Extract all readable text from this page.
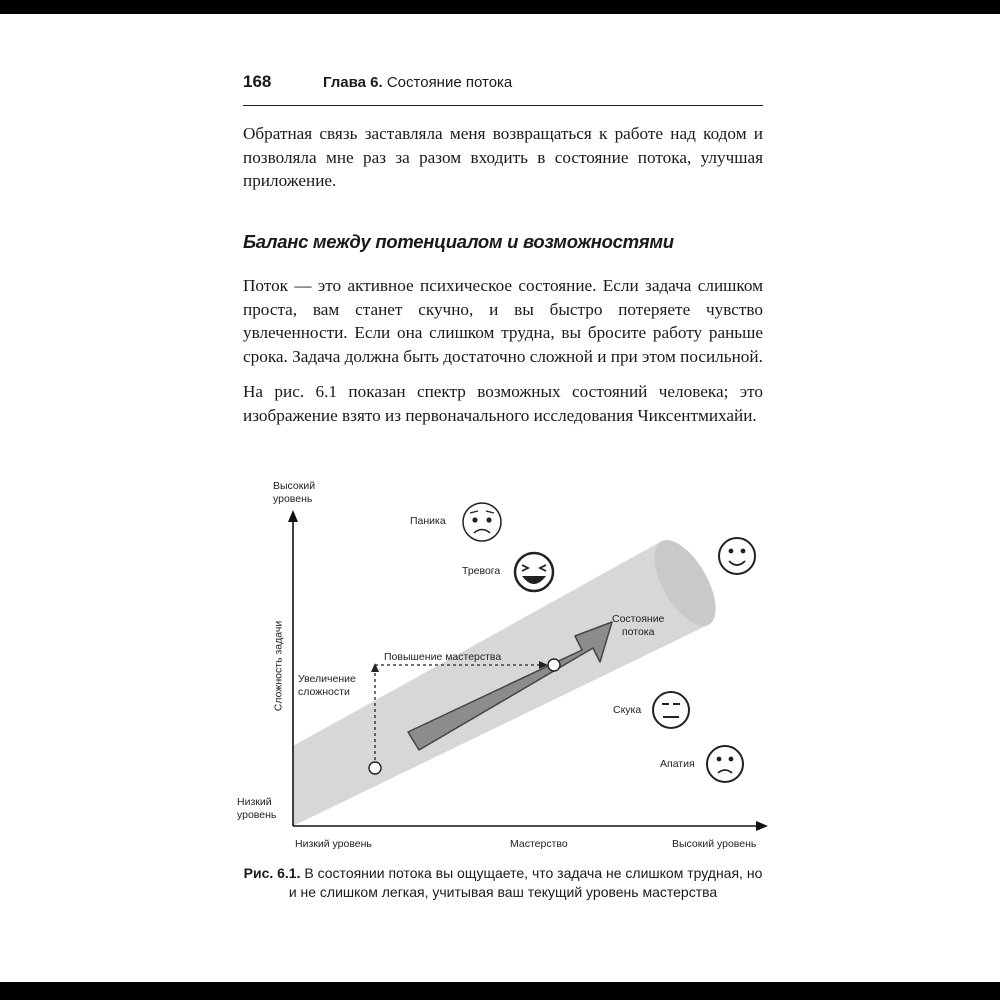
168	Глава 6. Состояние потока

Обратная связь заставляла меня возвращаться к работе над кодом и позволяла мне раз за разом входить в состояние потока, улучшая приложение.

Баланс между потенциалом и возможностями

Поток — это активное психическое состояние. Если задача слишком проста, вам станет скучно, и вы быстро потеряете чувство увлеченности. Если она слишком трудна, вы бросите работу раньше срока. Задача должна быть достаточно сложной и при этом посильной.

На рис. 6.1 показан спектр возможных состояний человека; это изображение взято из первоначального исследования Чиксентмихайи.

Высокий
уровень
Низкий
уровень
Сложность задачи
Низкий уровень	Мастерство	Высокий уровень
Паника
Тревога
Состояние
потока
Повышение мастерства
Увеличение
сложности
Скука
Апатия
Рис. 6.1. В состоянии потока вы ощущаете, что задача не слишком трудная, но и не слишком легкая, учитывая ваш текущий уровень мастерства
